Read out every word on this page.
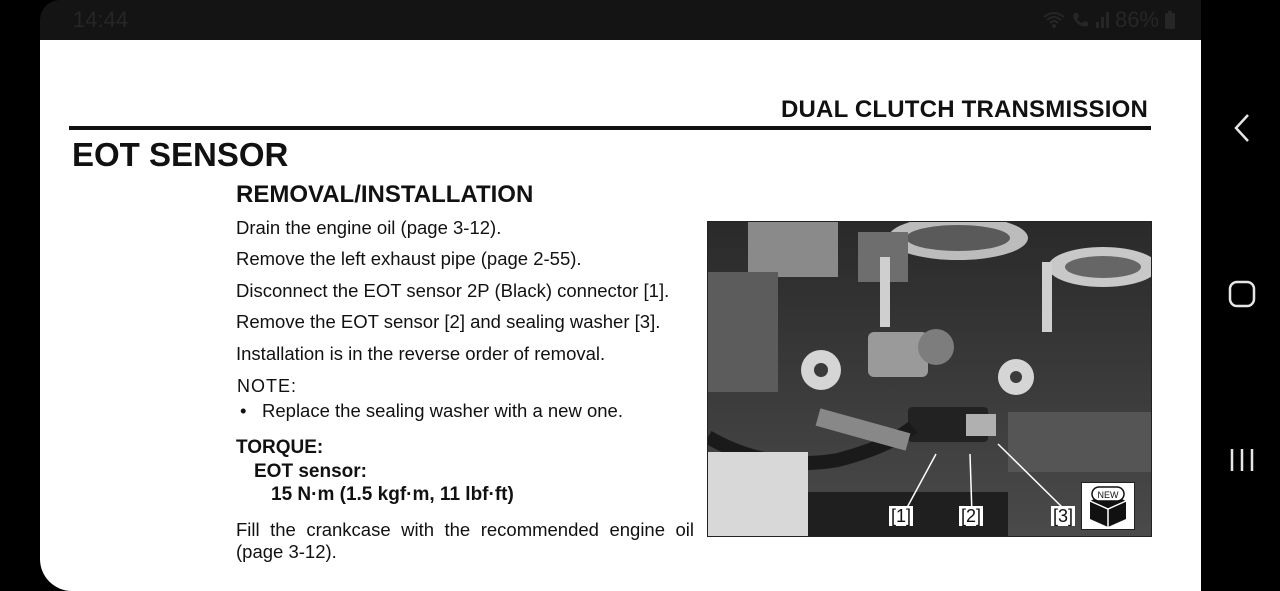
14:44	86%
DUAL CLUTCH TRANSMISSION
EOT SENSOR
REMOVAL/INSTALLATION
Drain the engine oil (page 3-12).
Remove the left exhaust pipe (page 2-55).
Disconnect the EOT sensor 2P (Black) connector [1].
Remove the EOT sensor [2] and sealing washer [3].
Installation is in the reverse order of removal.
NOTE:
• Replace the sealing washer with a new one.
TORQUE:
EOT sensor:
15 N·m (1.5 kgf·m, 11 lbf·ft)
Fill the crankcase with the recommended engine oil
(page 3-12).
[1]	[2]	[3]
NEW
